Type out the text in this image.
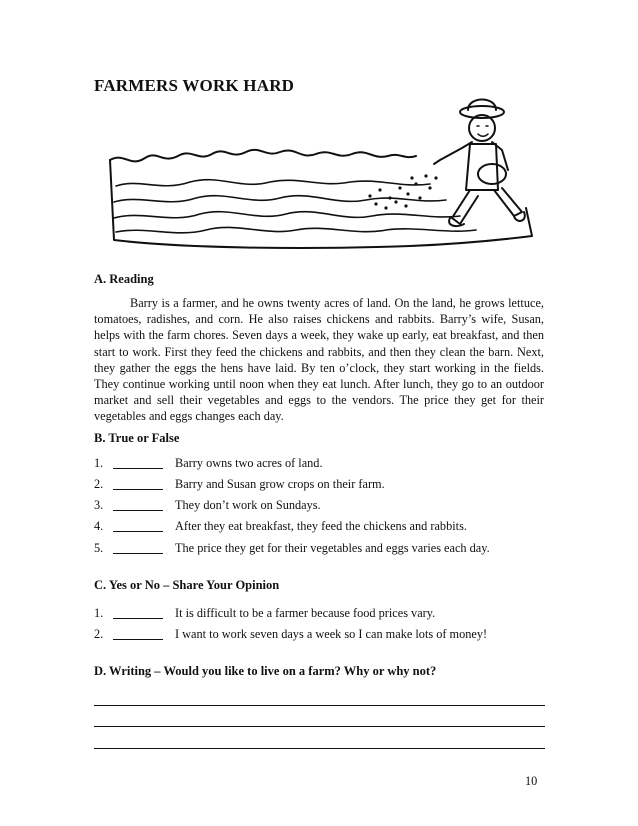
FARMERS WORK HARD
A. Reading

Barry is a farmer, and he owns twenty acres of land. On the land, he grows lettuce, tomatoes, radishes, and corn. He also raises chickens and rabbits. Barry’s wife, Susan, helps with the farm chores. Seven days a week, they wake up early, eat breakfast, and then start to work. First they feed the chickens and rabbits, and then they clean the barn. Next, they gather the eggs the hens have laid. By ten o’clock, they start working in the fields. They continue working until noon when they eat lunch. After lunch, they go to an outdoor market and sell their vegetables and eggs to the vendors. The price they get for their vegetables and eggs changes each day.

B. True or False
1.	Barry owns two acres of land.
2.	Barry and Susan grow crops on their farm.
3.	They don’t work on Sundays.
4.	After they eat breakfast, they feed the chickens and rabbits.
5.	The price they get for their vegetables and eggs varies each day.
C. Yes or No – Share Your Opinion
1.	It is difficult to be a farmer because food prices vary.
2.	I want to work seven days a week so I can make lots of money!
D. Writing – Would you like to live on a farm? Why or why not?
10
